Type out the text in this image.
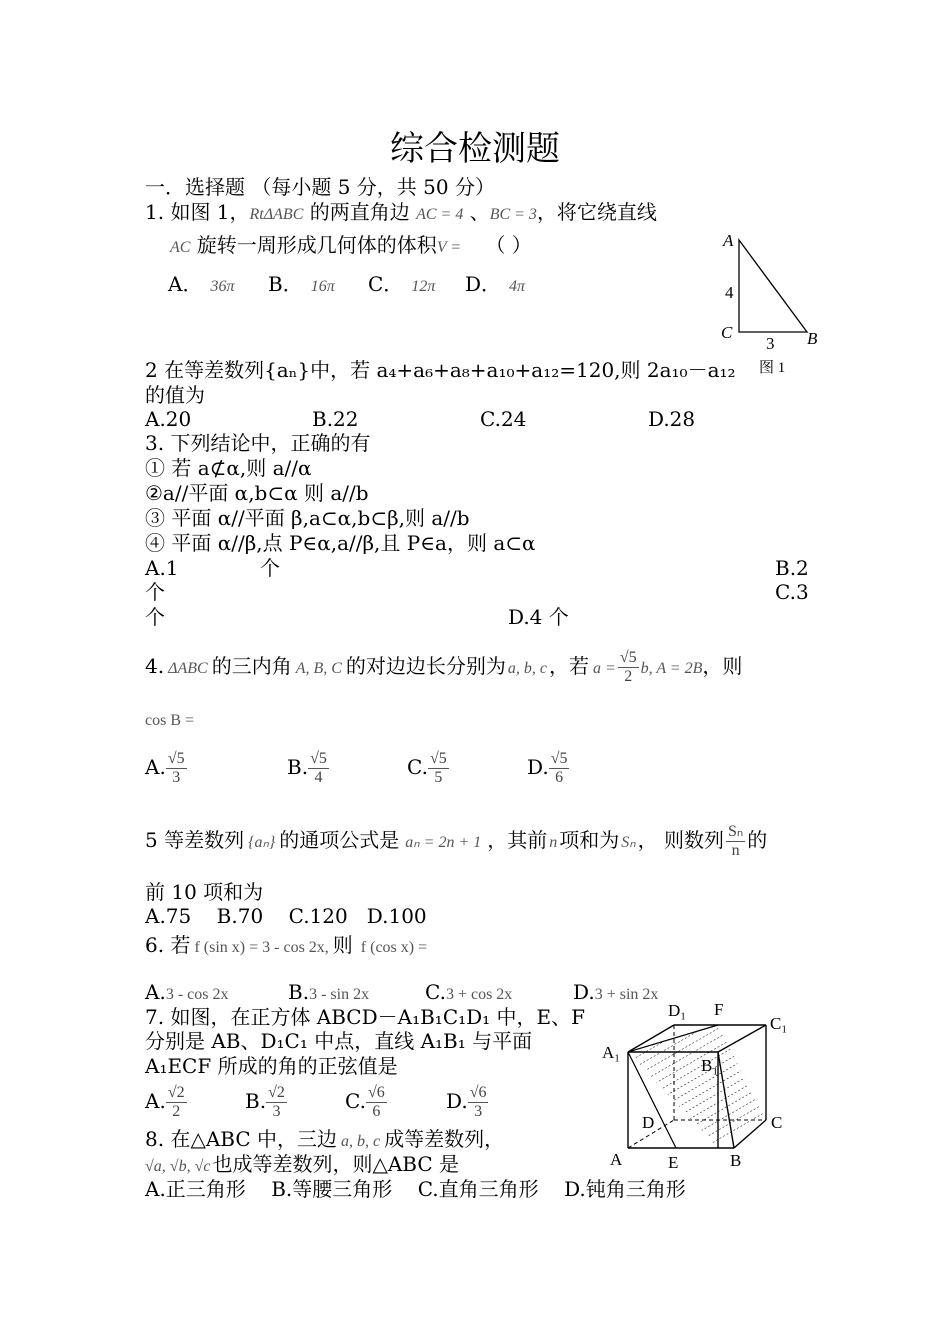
综合检测题
一．选择题 （每小题 5 分，共 50 分）
1. 如图 1，RtΔABC 的两直角边 AC = 4 、BC = 3，将它绕直线
AC 旋转一周形成几何体的体积V = （ ）
A． 36π B． 16π C． 12π D． 4π
A
4
C	B
3
图 1
2 在等差数列{aₙ}中，若 a₄+a₆+a₈+a₁₀+a₁₂=120,则 2a₁₀－a₁₂
的值为
A.20	B.22	C.24	D.28
3. 下列结论中，正确的有
① 若 a⊄α,则 a//α
②a//平面 α,b⊂α 则 a//b
③ 平面 α//平面 β,a⊂α,b⊂β,则 a//b
④ 平面 α//β,点 P∈α,a//β,且 P∈a，则 a⊂α
A.1	个	B.2
个	C.3
个	D.4 个
4. ΔABC 的三内角 A, B, C 的对边边长分别为 a, b, c ，若 $a = \frac{√5}{2} b$, A = 2B，则
cos B =
A. $\frac{√5}{3}$	B. $\frac{√5}{4}$	C. $\frac{√5}{5}$	D. $\frac{√5}{6}$
5 等差数列 {aₙ} 的通项公式是 aₙ = 2n + 1 ，其前 n 项和为 Sₙ ， 则数列 $\frac{\text{Sₙ}}{n}$ 的
前 10 项和为
A.75    B.70    C.120   D.100
6. 若 f (sin x) = 3 - cos 2x, 则 f (cos x) =
A.3 - cos 2x	B.3 - sin 2x	C.3 + cos 2x	D.3 + sin 2x
7. 如图，在正方体 ABCD－A₁B₁C₁D₁ 中，E、F
分别是 AB、D₁C₁ 中点，直线 A₁B₁ 与平面
A₁ECF 所成的角的正弦值是
A. $\frac{√2}{2}$	B. $\frac{√2}{3}$	C. $\frac{√6}{6}$	D. $\frac{√6}{3}$
D₁ F
C₁
A₁
B₁
D	C
A	E	B
8. 在△ABC 中，三边 a, b, c 成等差数列，
√a, √b, √c 也成等差数列，则△ABC 是
A.正三角形    B.等腰三角形    C.直角三角形    D.钝角三角形
